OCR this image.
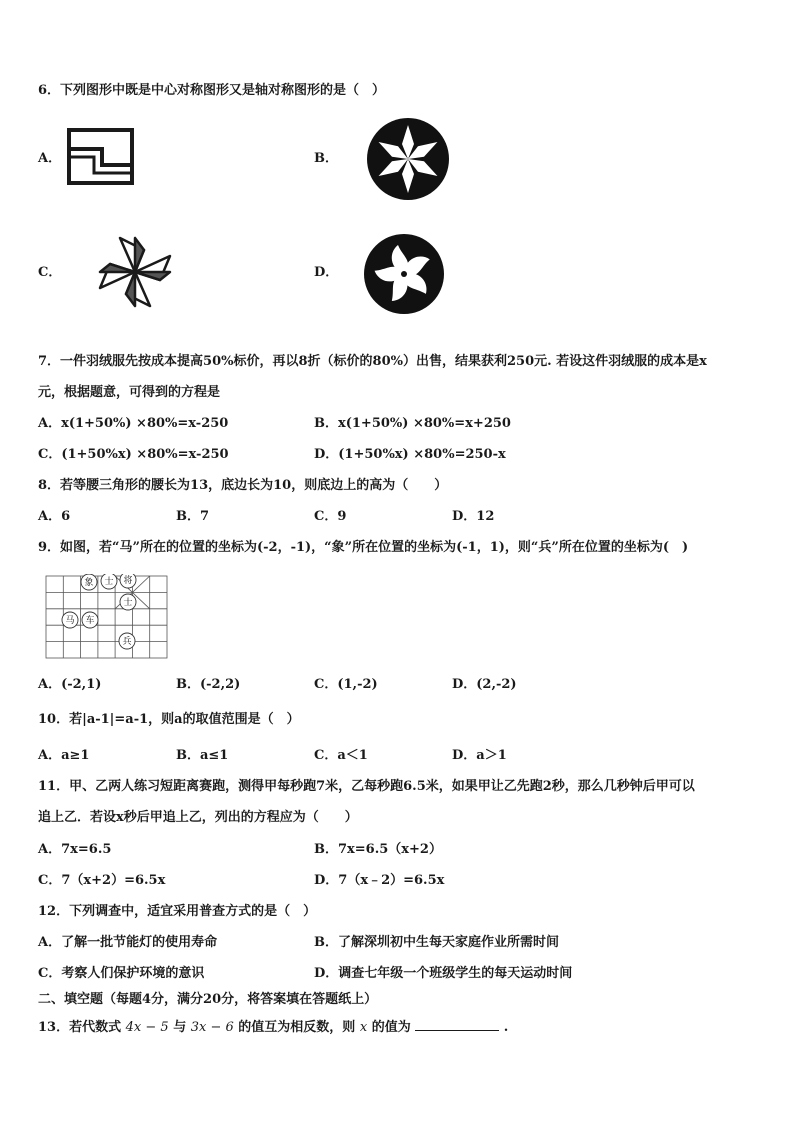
6．下列图形中既是中心对称图形又是轴对称图形的是（　）
A．	B．
C．	D．
7．一件羽绒服先按成本提高50%标价，再以8折（标价的80%）出售，结果获利250元. 若设这件羽绒服的成本是x
元，根据题意，可得到的方程是
A．x(1+50%) ×80%=x-250	B．x(1+50%) ×80%=x+250
C．(1+50%x) ×80%=x-250	D．(1+50%x) ×80%=250-x
8．若等腰三角形的腰长为13，底边长为10，则底边上的高为（　　）
A．6	B．7	C．9	D．12
9．如图，若“马”所在的位置的坐标为(-2，-1)，“象”所在位置的坐标为(-1，1)，则“兵”所在位置的坐标为(　)
象 士 将
士
马 车
兵
A．(-2,1)	B．(-2,2)	C．(1,-2)	D．(2,-2)
10．若|a-1|=a-1，则a的取值范围是（　）
A．a≥1	B．a≤1	C．a＜1	D．a＞1
11．甲、乙两人练习短距离赛跑，测得甲每秒跑7米，乙每秒跑6.5米，如果甲让乙先跑2秒，那么几秒钟后甲可以
追上乙．若设x秒后甲追上乙，列出的方程应为（　　）
A．7x=6.5	B．7x=6.5（x+2）
C．7（x+2）=6.5x	D．7（x﹣2）=6.5x
12．下列调查中，适宜采用普查方式的是（　）
A．了解一批节能灯的使用寿命	B．了解深圳初中生每天家庭作业所需时间
C．考察人们保护环境的意识	D．调查七年级一个班级学生的每天运动时间
二、填空题（每题4分，满分20分，将答案填在答题纸上）
13．若代数式 4x − 5 与 3x − 6 的值互为相反数，则 x 的值为	.
